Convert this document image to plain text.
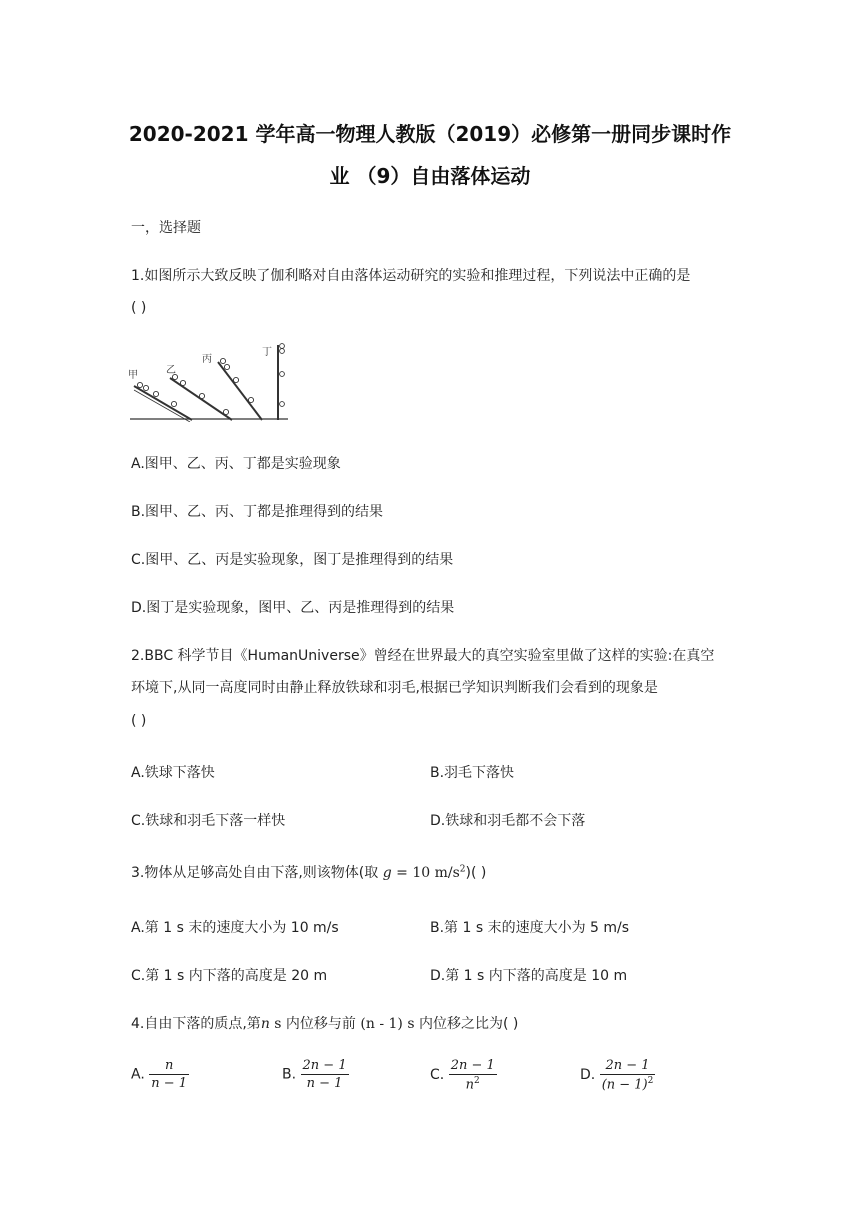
2020-2021 学年高一物理人教版（2019）必修第一册同步课时作
业 （9）自由落体运动
一，选择题
1.如图所示大致反映了伽利略对自由落体运动研究的实验和推理过程，下列说法中正确的是
( )
甲	乙
丙
丁
A.图甲、乙、丙、丁都是实验现象
B.图甲、乙、丙、丁都是推理得到的结果
C.图甲、乙、丙是实验现象，图丁是推理得到的结果
D.图丁是实验现象，图甲、乙、丙是推理得到的结果
2.BBC 科学节目《HumanUniverse》曾经在世界最大的真空实验室里做了这样的实验:在真空
环境下,从同一高度同时由静止释放铁球和羽毛,根据已学知识判断我们会看到的现象是
( )
A.铁球下落快	B.羽毛下落快
C.铁球和羽毛下落一样快	D.铁球和羽毛都不会下落
3.物体从足够高处自由下落,则该物体(取 g = 10 $m/s^2$)( )
A.第 1 s 末的速度大小为 10 m/s	B.第 1 s 末的速度大小为 5 m/s
C.第 1 s 内下落的高度是 20 m	D.第 1 s 内下落的高度是 10 m
4.自由下落的质点,第n s 内位移与前 (n - 1) s 内位移之比为( )
A. $\frac{n}{n - 1}$	B. $\frac{2n - 1}{n - 1}$	C. $\frac{2n - 1}{n^2}$	D. $\frac{2n - 1}{(n - 1)^2}$
